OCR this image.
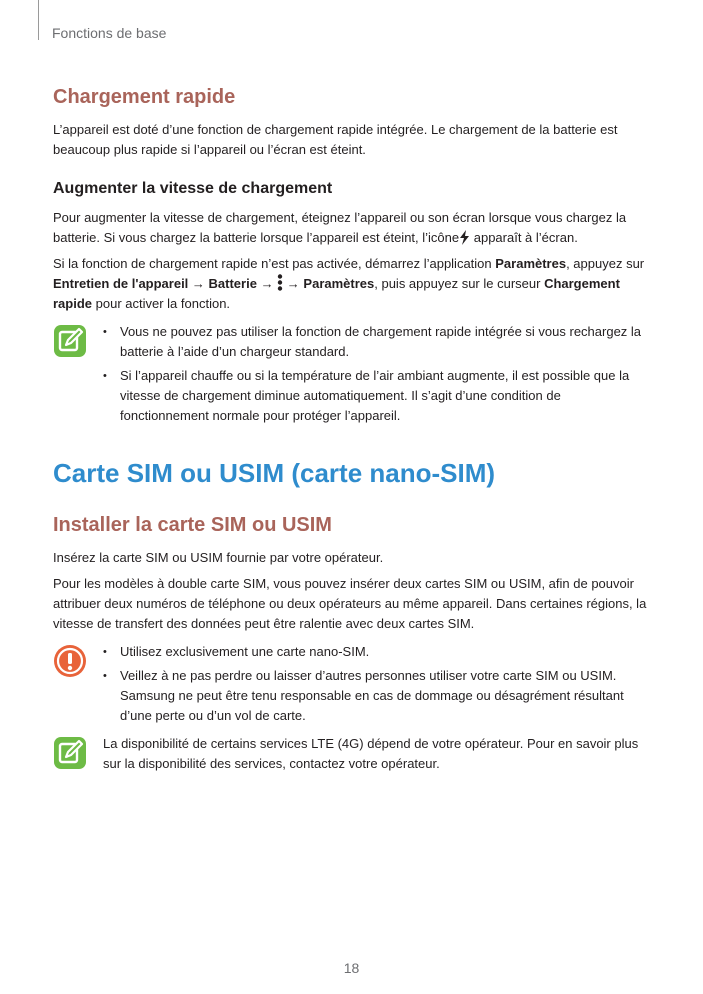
Fonctions de base
Chargement rapide

L’appareil est doté d’une fonction de chargement rapide intégrée. Le chargement de la batterie est beaucoup plus rapide si l’appareil ou l’écran est éteint.

Augmenter la vitesse de chargement

Pour augmenter la vitesse de chargement, éteignez l’appareil ou son écran lorsque vous chargez la batterie. Si vous chargez la batterie lorsque l’appareil est éteint, l’icône apparaît à l’écran.

Si la fonction de chargement rapide n’est pas activée, démarrez l’application Paramètres, appuyez sur Entretien de l'appareil → Batterie →  → Paramètres, puis appuyez sur le curseur Chargement rapide pour activer la fonction.

• Vous ne pouvez pas utiliser la fonction de chargement rapide intégrée si vous rechargez la batterie à l’aide d’un chargeur standard.
• Si l’appareil chauffe ou si la température de l’air ambiant augmente, il est possible que la vitesse de chargement diminue automatiquement. Il s’agit d’une condition de fonctionnement normale pour protéger l’appareil.
Carte SIM ou USIM (carte nano-SIM)
Installer la carte SIM ou USIM

Insérez la carte SIM ou USIM fournie par votre opérateur.

Pour les modèles à double carte SIM, vous pouvez insérer deux cartes SIM ou USIM, afin de pouvoir attribuer deux numéros de téléphone ou deux opérateurs au même appareil. Dans certaines régions, la vitesse de transfert des données peut être ralentie avec deux cartes SIM.

• Utilisez exclusivement une carte nano-SIM.
• Veillez à ne pas perdre ou laisser d’autres personnes utiliser votre carte SIM ou USIM. Samsung ne peut être tenu responsable en cas de dommage ou désagrément résultant d’une perte ou d’un vol de carte.

La disponibilité de certains services LTE (4G) dépend de votre opérateur. Pour en savoir plus sur la disponibilité des services, contactez votre opérateur.

18
